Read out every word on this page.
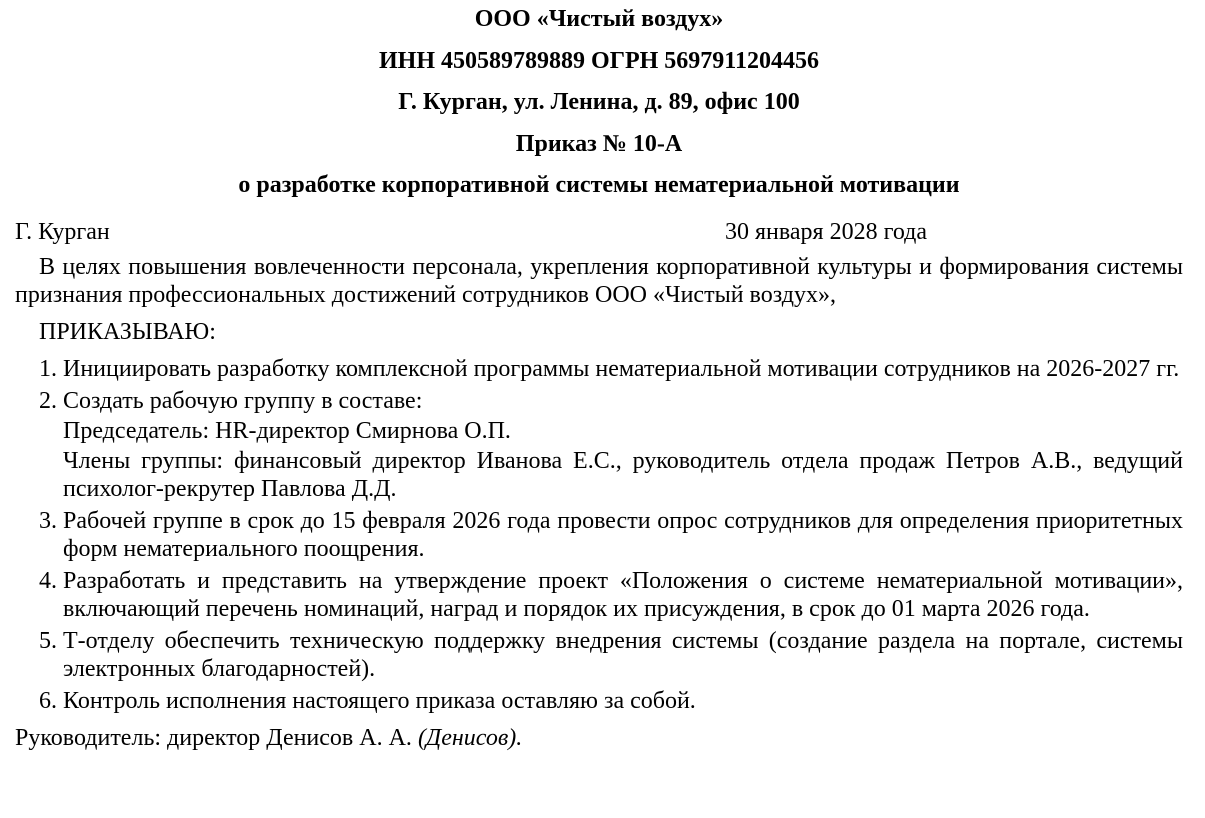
ООО «Чистый воздух»

ИНН 450589789889 ОГРН 5697911204456

Г. Курган, ул. Ленина, д. 89, офис 100

Приказ № 10-А

о разработке корпоративной системы нематериальной мотивации

Г. Курган	30 января 2028 года

В целях повышения вовлеченности персонала, укрепления корпоративной культуры и формирования системы признания профессиональных достижений сотрудников ООО «Чистый воздух»,

ПРИКАЗЫВАЮ:
1. Инициировать разработку комплексной программы нематериальной мотивации сотрудников на 2026-2027 гг.
2. Создать рабочую группу в составе:
Председатель: HR-директор Смирнова О.П.
Члены группы: финансовый директор Иванова Е.С., руководитель отдела продаж Петров А.В., ведущий психолог-рекрутер Павлова Д.Д.
3. Рабочей группе в срок до 15 февраля 2026 года провести опрос сотрудников для определения приоритетных форм нематериального поощрения.
4. Разработать и представить на утверждение проект «Положения о системе нематериальной мотивации», включающий перечень номинаций, наград и порядок их присуждения, в срок до 01 марта 2026 года.
5. Т-отделу обеспечить техническую поддержку внедрения системы (создание раздела на портале, системы электронных благодарностей).
6. Контроль исполнения настоящего приказа оставляю за собой.
Руководитель: директор Денисов А. А. (Денисов).
